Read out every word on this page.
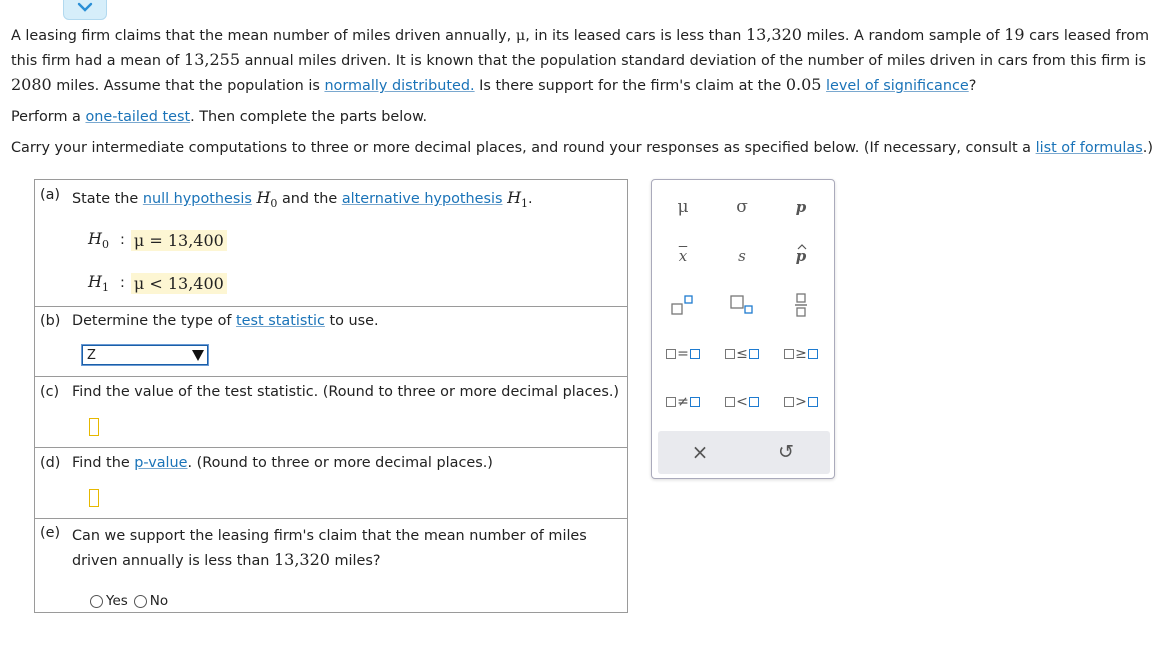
A leasing firm claims that the mean number of miles driven annually, μ, in its leased cars is less than 13,320 miles. A random sample of 19 cars leased from this firm had a mean of 13,255 annual miles driven. It is known that the population standard deviation of the number of miles driven in cars from this firm is 2080 miles. Assume that the population is normally distributed. Is there support for the firm's claim at the 0.05 level of significance?
Perform a one-tailed test. Then complete the parts below.
Carry your intermediate computations to three or more decimal places, and round your responses as specified below. (If necessary, consult a list of formulas.)
(a) State the null hypothesis $H_0$ and the alternative hypothesis $H_1$.
$H_0$ : μ = 13,400
$H_1$ : μ < 13,400
(b) Determine the type of test statistic to use.
Z
(c) Find the value of the test statistic. (Round to three or more decimal places.)
(d) Find the p-value. (Round to three or more decimal places.)
(e) Can we support the leasing firm's claim that the mean number of miles
driven annually is less than 13,320 miles?
Yes No
μ	σ	p
$\overline{x}$	s	p
=	≤	≥
≠	<	>
×	↺
